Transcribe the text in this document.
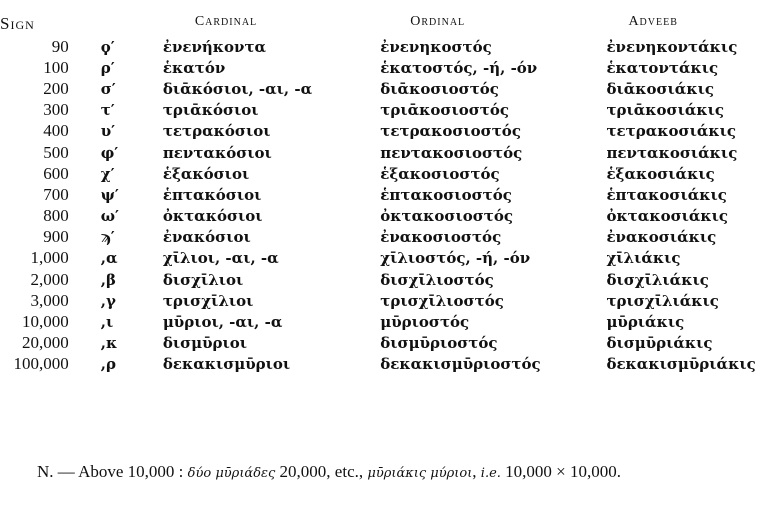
Sign		Cardinal	Ordinal	Adveeb
90	ϙ′	ἐνενήκοντα	ἐνενηκοστός	ἐνενηκοντάκις
100	ρ′	ἑκατόν	ἑκατοστός, -ή, -όν	ἑκατοντάκις
200	σ′	διᾱκόσιοι, -αι, -α	διᾱκοσιοστός	διᾱκοσιάκις
300	τ′	τριᾱκόσιοι	τριᾱκοσιοστός	τριᾱκοσιάκις
400	υ′	τετρακόσιοι	τετρακοσιοστός	τετρακοσιάκις
500	φ′	πεντακόσιοι	πεντακοσιοστός	πεντακοσιάκις
600	χ′	ἑξακόσιοι	ἑξακοσιοστός	ἑξακοσιάκις
700	ψ′	ἑπτακόσιοι	ἑπτακοσιοστός	ἑπτακοσιάκις
800	ω′	ὀκτακόσιοι	ὀκτακοσιοστός	ὀκτακοσιάκις
900	ϡ′	ἐνακόσιοι	ἐνακοσιοστός	ἐνακοσιάκις
1,000	,α	χῑλιοι, -αι, -α	χῑλιοστός, -ή, -όν	χῑλιάκις
2,000	,β	δισχῑλιοι	δισχῑλιοστός	δισχῑλιάκις
3,000	,γ	τρισχῑλιοι	τρισχῑλιοστός	τρισχῑλιάκις
10,000	,ι	μῡριοι, -αι, -α	μῡριοστός	μῡριάκις
20,000	,κ	δισμῡριοι	δισμῡριοστός	δισμῡριάκις
100,000	,ρ	δεκακισμῡριοι	δεκακισμῡριοστός	δεκακισμῡριάκις
N. — Above 10,000 : δύο μῡριάδες 20,000, etc., μῡριάκις μύριοι, i.e. 10,000 × 10,000.
